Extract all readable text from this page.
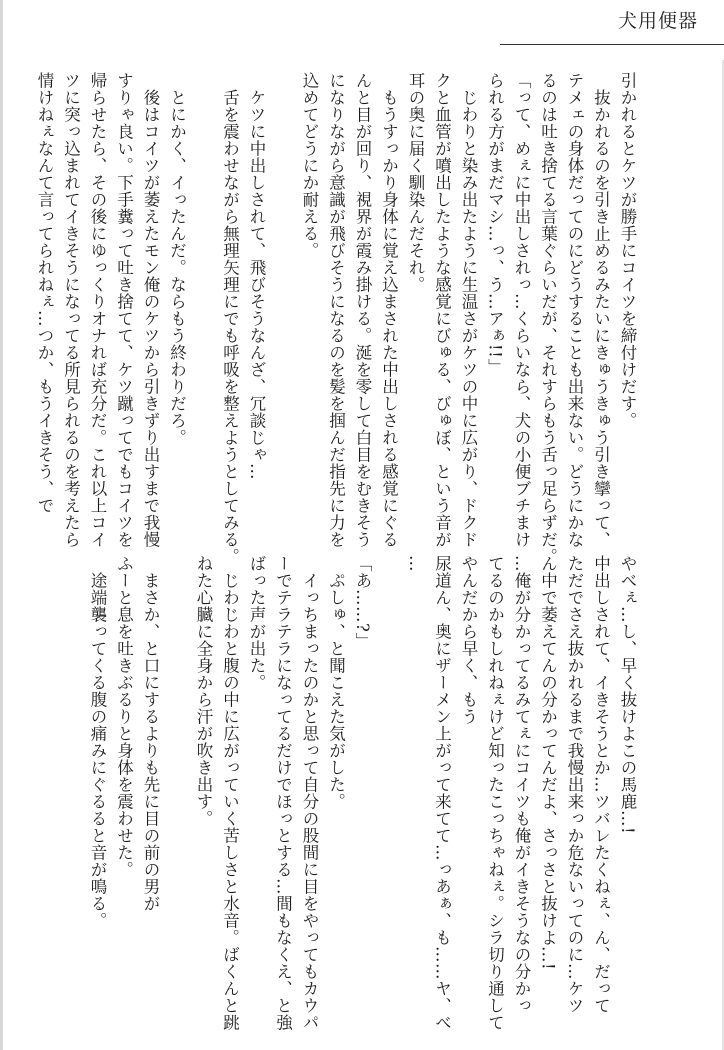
犬用便器
引かれるとケツが勝手にコイツを締付けだす。
　抜かれるのを引き止めるみたいにきゅうきゅう引き攣って、
テメェの身体だってのにどうすることも出来ない。どうにかな
るのは吐き捨てる言葉ぐらいだが、それすらもう舌っ足らずだ。
「って、めぇに中出しされっ…くらいなら、犬の小便ブチまけ
られる方がまだマシ…っ、う…アぁ!!」
　じわりと染み出たように生温さがケツの中に広がり、ドクド
クと血管が噴出したような感覚にびゅる、びゅぼ、という音が
耳の奥に届く馴染んだそれ。
　もうすっかり身体に覚え込まされた中出しされる感覚にぐる
んと目が回り、視界が霞み掛ける。涎を零して白目をむきそう
になりながら意識が飛びそうになるのを髪を掴んだ指先に力を
込めてどうにか耐える。

　ケツに中出しされて、飛びそうなんざ、冗談じゃ…
　舌を震わせながら無理矢理にでも呼吸を整えようとしてみる。

　とにかく、イったんだ。ならもう終わりだろ。
　後はコイツが萎えたモン俺のケツから引きずり出すまで我慢
すりゃ良い。下手糞って吐き捨てて、ケツ蹴ってでもコイツを
帰らせたら、その後にゆっくりオナれば充分だ。これ以上コイ
ツに突っ込まれてイきそうになってる所見られるのを考えたら
情けねぇなんて言ってられねぇ…つか、もうイきそう、で
やべぇ…し、早く抜けよこの馬鹿…!
中出しされて、イきそうとか…ツバレたくねぇ、ん、だって
ただでさえ抜かれるまで我慢出来っか危ないってのに…ケツ
ん中で萎えてんの分かってんだよ、さっさと抜けよ…!
…俺が分かってるみてぇにコイツも俺がイきそうなの分かっ
てるのかもしれねぇけど知ったこっちゃねぇ。シラ切り通して
やんだから早く、もう
尿道ん、奥にザーメン上がって来てて…っあぁ、も……ヤ、べ
…

「あ……?」
　ぷしゅ、と聞こえた気がした。
　イっちまったのかと思って自分の股間に目をやってもカウパ
ーでテラテラになってるだけでほっとする…間もなくえ、と強
ばった声が出た。
　じわじわと腹の中に広がっていく苦しさと水音。ばくんと跳
ねた心臓に全身から汗が吹き出す。

　まさか、と口にするよりも先に目の前の男が
ふーと息を吐きぶるりと身体を震わせた。
　途端襲ってくる腹の痛みにぐるると音が鳴る。
